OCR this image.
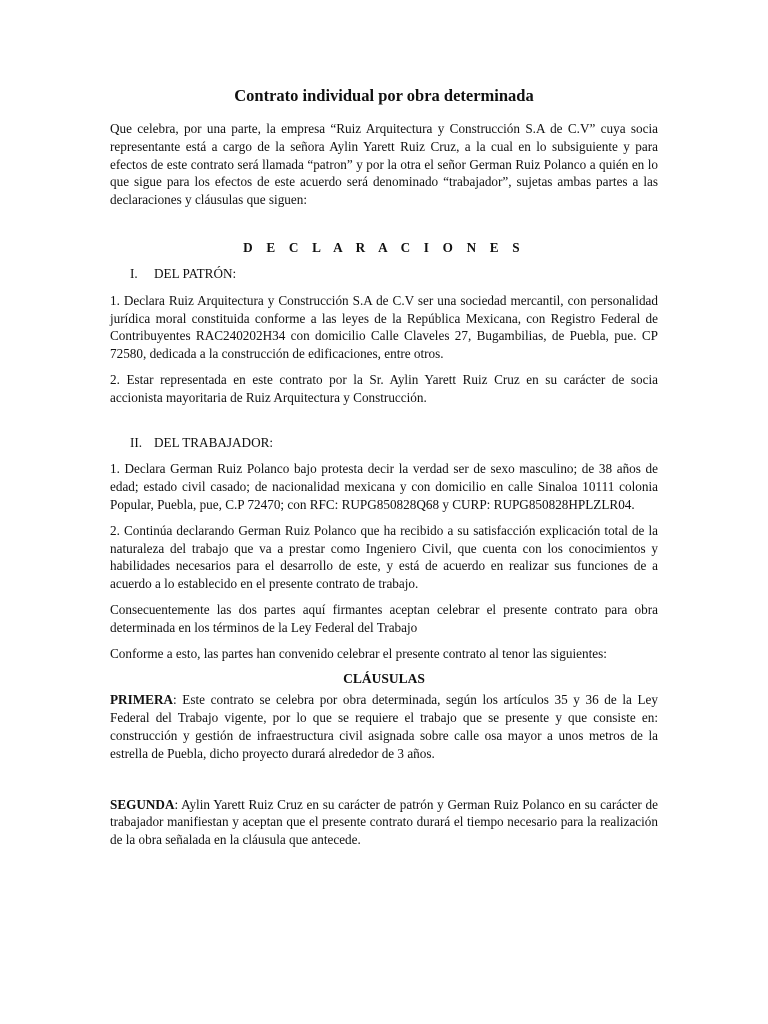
Contrato individual por obra determinada

Que celebra, por una parte, la empresa “Ruiz Arquitectura y Construcción S.A de C.V” cuya socia representante está a cargo de la señora Aylin Yarett Ruiz Cruz, a la cual en lo subsiguiente y para efectos de este contrato será llamada “patron” y por la otra el señor German Ruiz Polanco a quién en lo que sigue para los efectos de este acuerdo será denominado “trabajador”, sujetas ambas partes a las declaraciones y cláusulas que siguen:

D E C L A R A C I O N E S
I. DEL PATRÓN:

1. Declara Ruiz Arquitectura y Construcción S.A de C.V ser una sociedad mercantil, con personalidad jurídica moral constituida conforme a las leyes de la República Mexicana, con Registro Federal de Contribuyentes RAC240202H34 con domicilio Calle Claveles 27, Bugambilias, de Puebla, pue. CP 72580, dedicada a la construcción de edificaciones, entre otros.

2. Estar representada en este contrato por la Sr. Aylin Yarett Ruiz Cruz en su carácter de socia accionista mayoritaria de Ruiz Arquitectura y Construcción.

II. DEL TRABAJADOR:

1. Declara German Ruiz Polanco bajo protesta decir la verdad ser de sexo masculino; de 38 años de edad; estado civil casado; de nacionalidad mexicana y con domicilio en calle Sinaloa 10111 colonia Popular, Puebla, pue, C.P 72470; con RFC: RUPG850828Q68 y CURP: RUPG850828HPLZLR04.

2. Continúa declarando German Ruiz Polanco que ha recibido a su satisfacción explicación total de la naturaleza del trabajo que va a prestar como Ingeniero Civil, que cuenta con los conocimientos y habilidades necesarios para el desarrollo de este, y está de acuerdo en realizar sus funciones de a acuerdo a lo establecido en el presente contrato de trabajo.

Consecuentemente las dos partes aquí firmantes aceptan celebrar el presente contrato para obra determinada en los términos de la Ley Federal del Trabajo

Conforme a esto, las partes han convenido celebrar el presente contrato al tenor las siguientes:

CLÁUSULAS

PRIMERA: Este contrato se celebra por obra determinada, según los artículos 35 y 36 de la Ley Federal del Trabajo vigente, por lo que se requiere el trabajo que se presente y que consiste en: construcción y gestión de infraestructura civil asignada sobre calle osa mayor a unos metros de la estrella de Puebla, dicho proyecto durará alrededor de 3 años.

SEGUNDA: Aylin Yarett Ruiz Cruz en su carácter de patrón y German Ruiz Polanco en su carácter de trabajador manifiestan y aceptan que el presente contrato durará el tiempo necesario para la realización de la obra señalada en la cláusula que antecede.
